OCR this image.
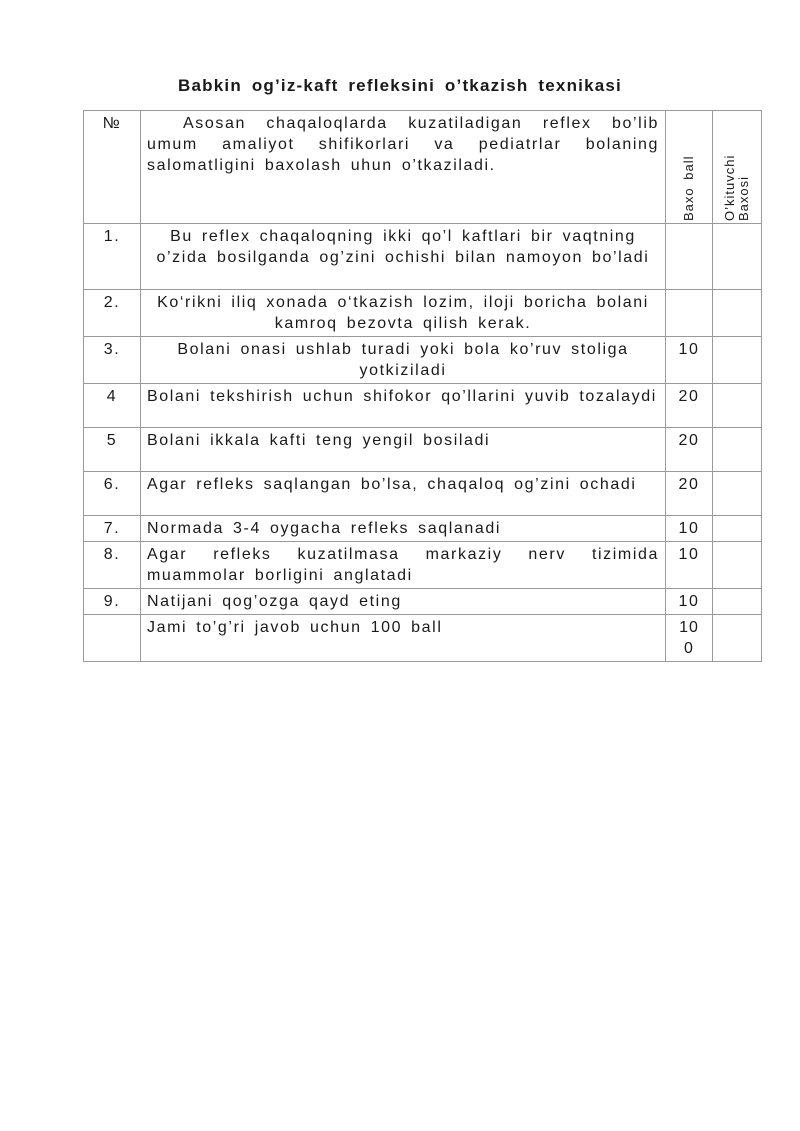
Babkin og’iz-kaft refleksini o’tkazish texnikasi
№	Asosan chaqaloqlarda kuzatiladigan reflex bo’lib umum amaliyot shifikorlari va pediatrlar bolaning salomatligini baxolash uhun o’tkaziladi.	Baxo ball	O’kituvchi Baxosi

1.	Bu reflex chaqaloqning ikki qo’l kaftlari bir vaqtning o’zida bosilganda og’zini ochishi bilan namoyon bo’ladi		
2.	Ko‘rikni iliq xonada o‘tkazish lozim, iloji boricha bolani kamroq bezovta qilish kerak.		
3.	Bolani onasi ushlab turadi yoki bola ko’ruv stoliga yotkiziladi	10	
4	Bolani tekshirish uchun shifokor qo’llarini yuvib tozalaydi	20	
5	Bolani ikkala kafti teng yengil bosiladi	20	
6.	Agar refleks saqlangan bo’lsa, chaqaloq og’zini ochadi	20	
7.	Normada 3-4 oygacha refleks saqlanadi	10	
8.	Agar refleks kuzatilmasa markaziy nerv tizimida muammolar borligini anglatadi	10	
9.	Natijani qog’ozga qayd eting	10	
	Jami to’g’ri javob uchun 100 ball	100	
